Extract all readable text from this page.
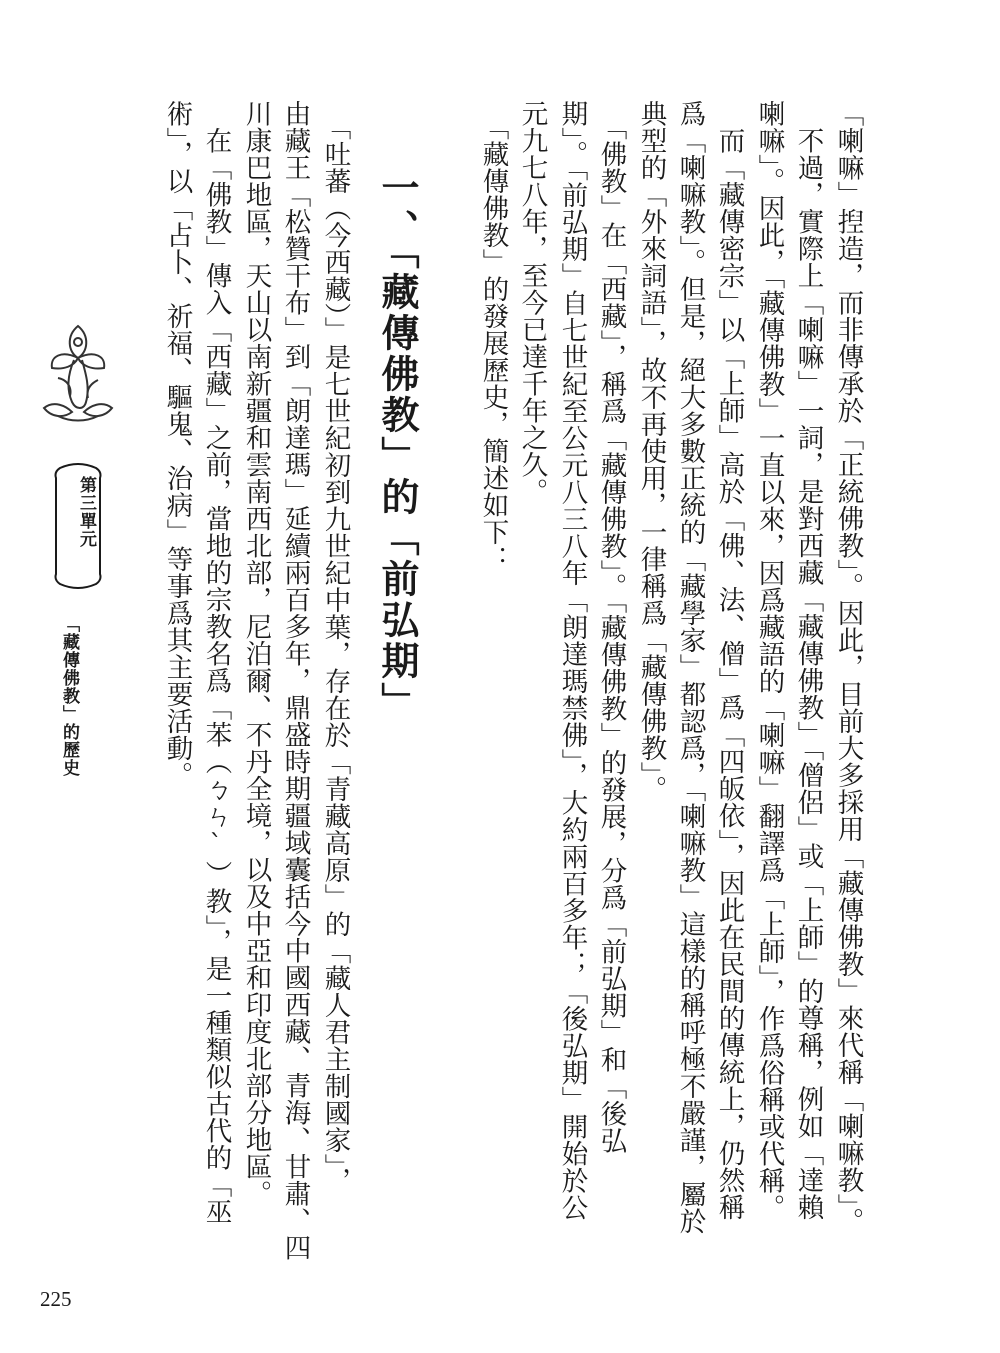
「喇嘛」揑造，而非傳承於「正統佛教」。因此，目前大多採用「藏傳佛教」來代稱「喇嘛教」。
　不過，實際上「喇嘛」一詞，是對西藏「藏傳佛教」「僧侶」或「上師」的尊稱，例如「達賴
喇嘛」。因此，「藏傳佛教」一直以來，因爲藏語的「喇嘛」翻譯爲「上師」，作爲俗稱或代稱。
　而「藏傳密宗」以「上師」高於「佛、法、僧」爲「四皈依」，因此在民間的傳統上，仍然稱
爲「喇嘛教」。但是，絕大多數正統的「藏學家」都認爲，「喇嘛教」這樣的稱呼極不嚴謹，屬於
典型的「外來詞語」，故不再使用，一律稱爲「藏傳佛教」。
　「佛教」在「西藏」，稱爲「藏傳佛教」。「藏傳佛教」的發展，分爲「前弘期」和「後弘
期」。「前弘期」自七世紀至公元八三八年「朗達瑪禁佛」，大約兩百多年；「後弘期」開始於公
元九七八年，至今已達千年之久。
　「藏傳佛教」的發展歷史，簡述如下：
一、「藏傳佛教」的「前弘期」
　「吐蕃（今西藏）」是七世紀初到九世紀中葉，存在於「青藏高原」的「藏人君主制國家」，
由藏王「松贊干布」到「朗達瑪」延續兩百多年，鼎盛時期疆域囊括今中國西藏、青海、甘肅、四
川康巴地區，天山以南新疆和雲南西北部，尼泊爾、不丹全境，以及中亞和印度北部分地區。
　在「佛教」傳入「西藏」之前，當地的宗教名爲「苯（ㄅㄣˋ）教」，是一種類似古代的「巫
術」，以「占卜、祈福、驅鬼、治病」等事爲其主要活動。
第三單元
「藏傳佛教」的歷史
225
